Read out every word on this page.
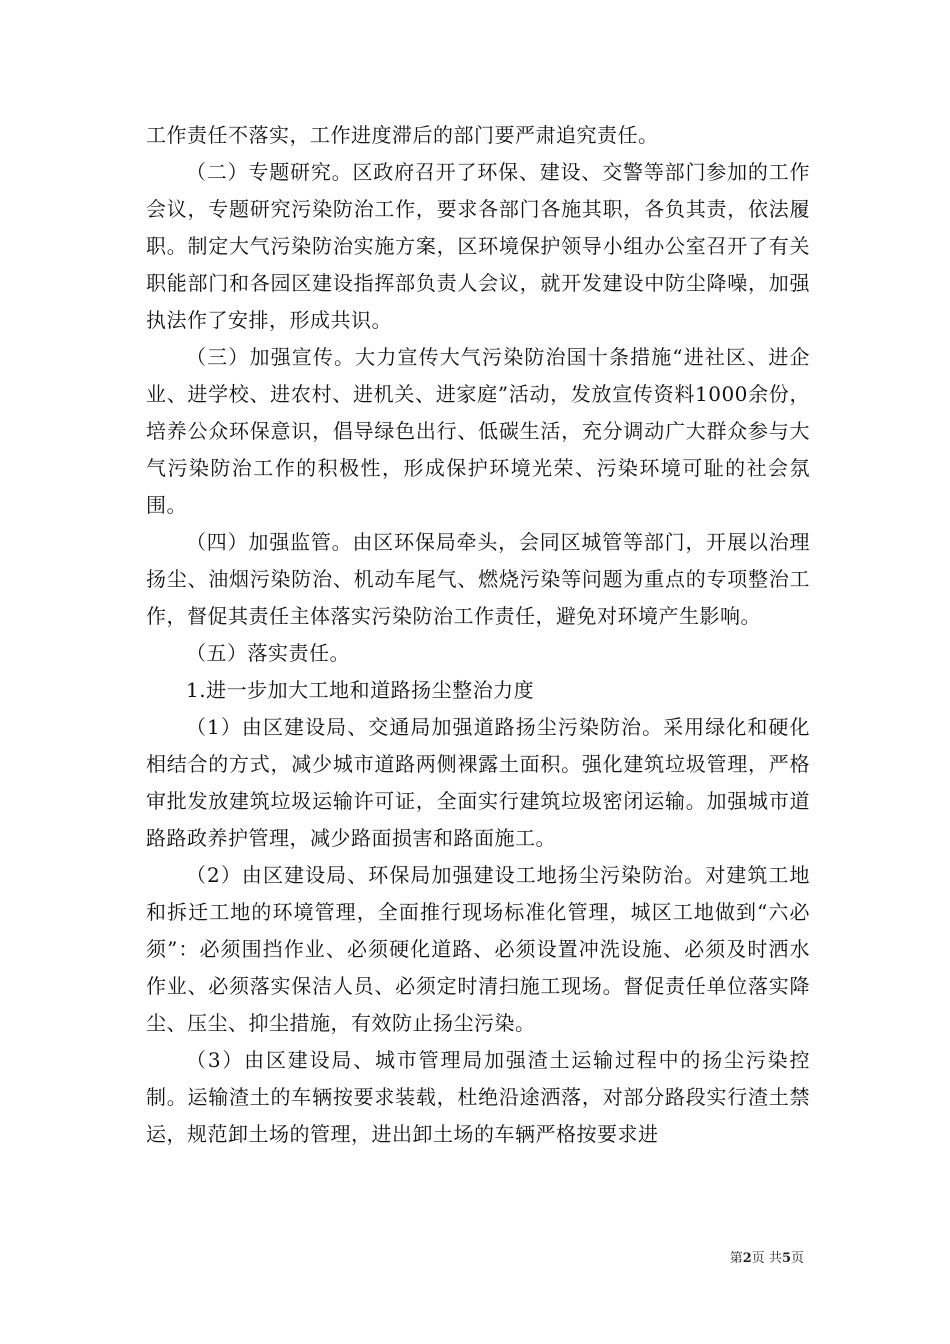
工作责任不落实，工作进度滞后的部门要严肃追究责任。

（二）专题研究。区政府召开了环保、建设、交警等部门参加的工作会议，专题研究污染防治工作，要求各部门各施其职，各负其责，依法履职。制定大气污染防治实施方案，区环境保护领导小组办公室召开了有关职能部门和各园区建设指挥部负责人会议，就开发建设中防尘降噪，加强执法作了安排，形成共识。

（三）加强宣传。大力宣传大气污染防治国十条措施“进社区、进企业、进学校、进农村、进机关、进家庭”活动，发放宣传资料1000余份，培养公众环保意识，倡导绿色出行、低碳生活，充分调动广大群众参与大气污染防治工作的积极性，形成保护环境光荣、污染环境可耻的社会氛围。

（四）加强监管。由区环保局牵头，会同区城管等部门，开展以治理扬尘、油烟污染防治、机动车尾气、燃烧污染等问题为重点的专项整治工作，督促其责任主体落实污染防治工作责任，避免对环境产生影响。

（五）落实责任。

1.进一步加大工地和道路扬尘整治力度

（1）由区建设局、交通局加强道路扬尘污染防治。采用绿化和硬化相结合的方式，减少城市道路两侧裸露土面积。强化建筑垃圾管理，严格审批发放建筑垃圾运输许可证，全面实行建筑垃圾密闭运输。加强城市道路路政养护管理，减少路面损害和路面施工。

（2）由区建设局、环保局加强建设工地扬尘污染防治。对建筑工地和拆迁工地的环境管理，全面推行现场标准化管理，城区工地做到“六必须”：必须围挡作业、必须硬化道路、必须设置冲洗设施、必须及时洒水作业、必须落实保洁人员、必须定时清扫施工现场。督促责任单位落实降尘、压尘、抑尘措施，有效防止扬尘污染。

（3）由区建设局、城市管理局加强渣土运输过程中的扬尘污染控制。运输渣土的车辆按要求装载，杜绝沿途洒落，对部分路段实行渣土禁运，规范卸土场的管理，进出卸土场的车辆严格按要求进

第2页 共5页
